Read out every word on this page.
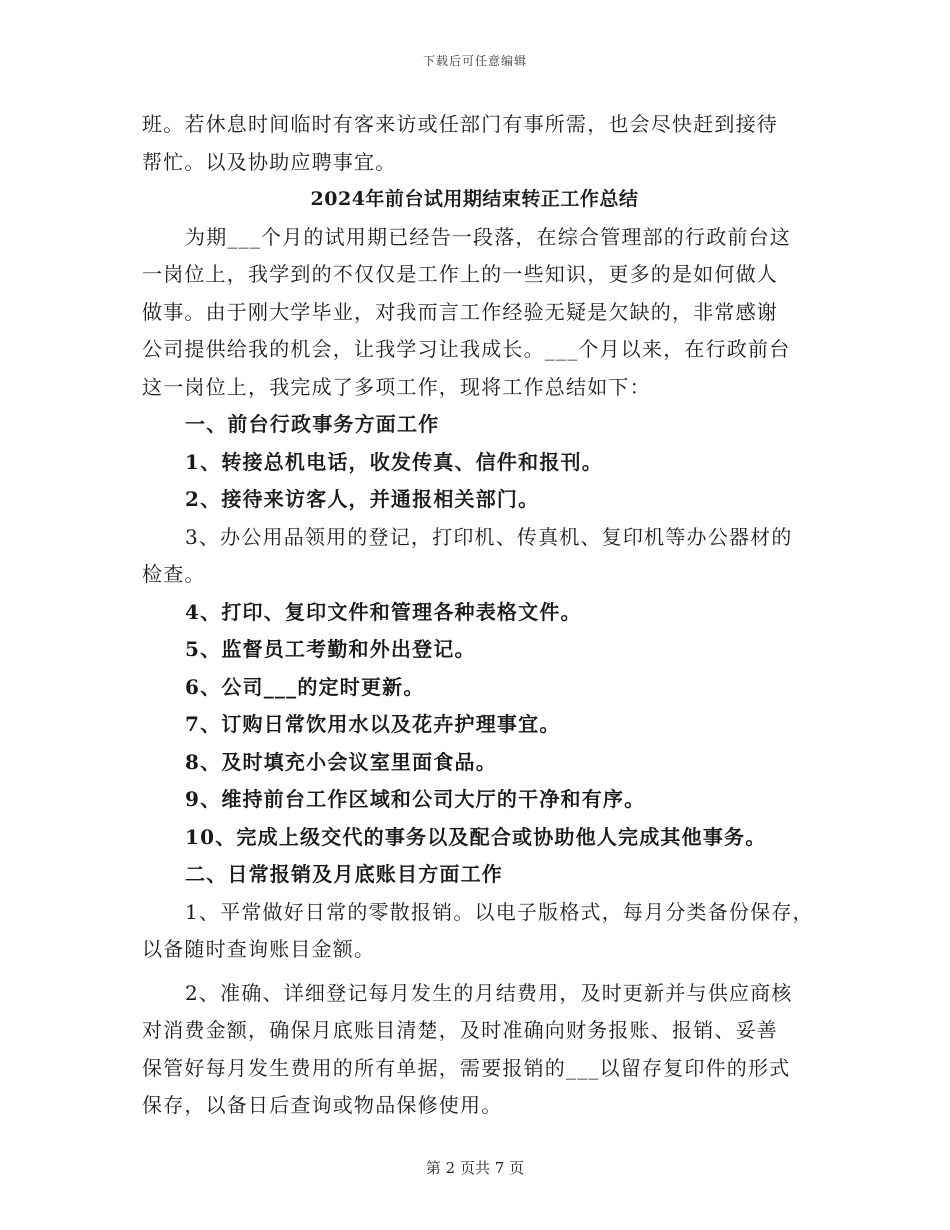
下载后可任意编辑
班。若休息时间临时有客来访或任部门有事所需，也会尽快赶到接待
帮忙。以及协助应聘事宜。
2024年前台试用期结束转正工作总结
为期___个月的试用期已经告一段落，在综合管理部的行政前台这
一岗位上，我学到的不仅仅是工作上的一些知识，更多的是如何做人
做事。由于刚大学毕业，对我而言工作经验无疑是欠缺的，非常感谢
公司提供给我的机会，让我学习让我成长。___个月以来，在行政前台
这一岗位上，我完成了多项工作，现将工作总结如下：
一、前台行政事务方面工作
1、转接总机电话，收发传真、信件和报刊。
2、接待来访客人，并通报相关部门。
3、办公用品领用的登记，打印机、传真机、复印机等办公器材的
检查。
4、打印、复印文件和管理各种表格文件。
5、监督员工考勤和外出登记。
6、公司___的定时更新。
7、订购日常饮用水以及花卉护理事宜。
8、及时填充小会议室里面食品。
9、维持前台工作区域和公司大厅的干净和有序。
10、完成上级交代的事务以及配合或协助他人完成其他事务。
二、日常报销及月底账目方面工作
1、平常做好日常的零散报销。以电子版格式，每月分类备份保存，
以备随时查询账目金额。
2、准确、详细登记每月发生的月结费用，及时更新并与供应商核
对消费金额，确保月底账目清楚，及时准确向财务报账、报销、妥善
保管好每月发生费用的所有单据，需要报销的___以留存复印件的形式
保存，以备日后查询或物品保修使用。
第 2 页共 7 页
